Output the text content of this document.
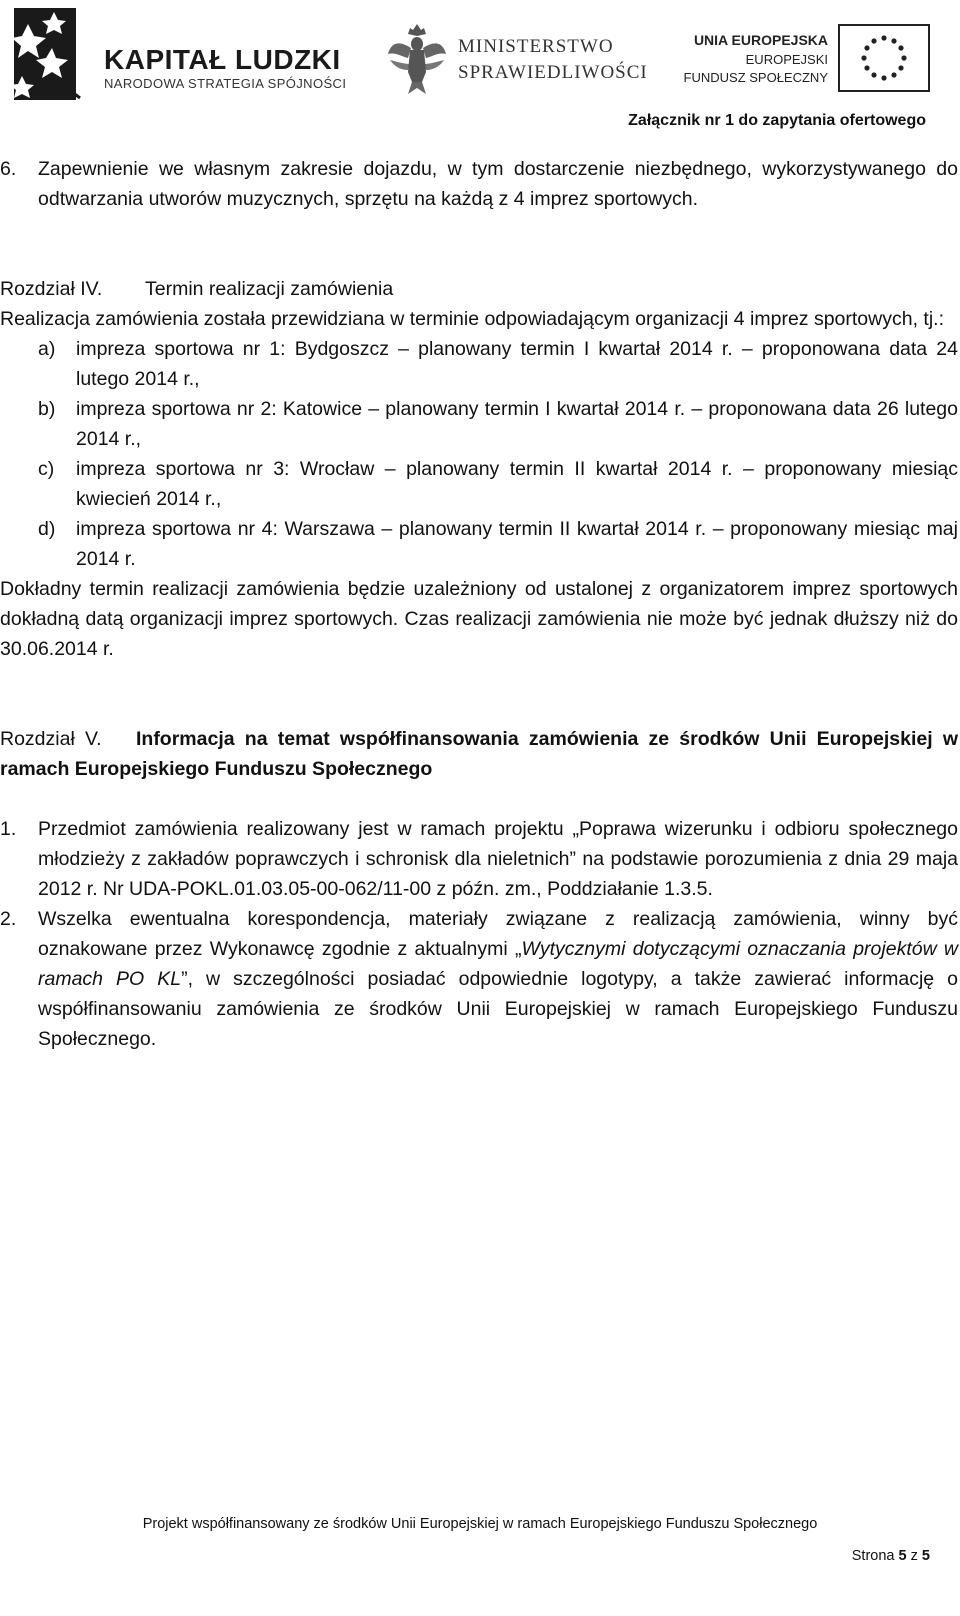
KAPITAŁ LUDZKI
NARODOWA STRATEGIA SPÓJNOŚCI
MINISTERSTWO
SPRAWIEDLIWOŚCI
UNIA EUROPEJSKA
EUROPEJSKI
FUNDUSZ SPOŁECZNY
Załącznik nr 1 do zapytania ofertowego
6. Zapewnienie we własnym zakresie dojazdu, w tym dostarczenie niezbędnego, wykorzystywanego do odtwarzania utworów muzycznych, sprzętu na każdą z 4 imprez sportowych.
Rozdział IV.	Termin realizacji zamówienia
Realizacja zamówienia została przewidziana w terminie odpowiadającym organizacji 4 imprez sportowych, tj.:
a) impreza sportowa nr 1: Bydgoszcz – planowany termin I kwartał 2014 r. – proponowana data 24 lutego 2014 r.,
b) impreza sportowa nr 2: Katowice – planowany termin I kwartał 2014 r. – proponowana data 26 lutego 2014 r.,
c) impreza sportowa nr 3: Wrocław – planowany termin II kwartał 2014 r. – proponowany miesiąc kwiecień 2014 r.,
d) impreza sportowa nr 4: Warszawa – planowany termin II kwartał 2014 r. – proponowany miesiąc maj 2014 r.
Dokładny termin realizacji zamówienia będzie uzależniony od ustalonej z organizatorem imprez sportowych dokładną datą organizacji imprez sportowych. Czas realizacji zamówienia nie może być jednak dłuższy niż do 30.06.2014 r.
Rozdział V. Informacja na temat współfinansowania zamówienia ze środków Unii Europejskiej w ramach Europejskiego Funduszu Społecznego
1. Przedmiot zamówienia realizowany jest w ramach projektu „Poprawa wizerunku i odbioru społecznego młodzieży z zakładów poprawczych i schronisk dla nieletnich” na podstawie porozumienia z dnia 29 maja 2012 r. Nr UDA-POKL.01.03.05-00-062/11-00 z późn. zm., Poddziałanie 1.3.5.
2. Wszelka ewentualna korespondencja, materiały związane z realizacją zamówienia, winny być oznakowane przez Wykonawcę zgodnie z aktualnymi „Wytycznymi dotyczącymi oznaczania projektów w ramach PO KL”, w szczególności posiadać odpowiednie logotypy, a także zawierać informację o współfinansowaniu zamówienia ze środków Unii Europejskiej w ramach Europejskiego Funduszu Społecznego.
Projekt współfinansowany ze środków Unii Europejskiej w ramach Europejskiego Funduszu Społecznego
Strona 5 z 5
